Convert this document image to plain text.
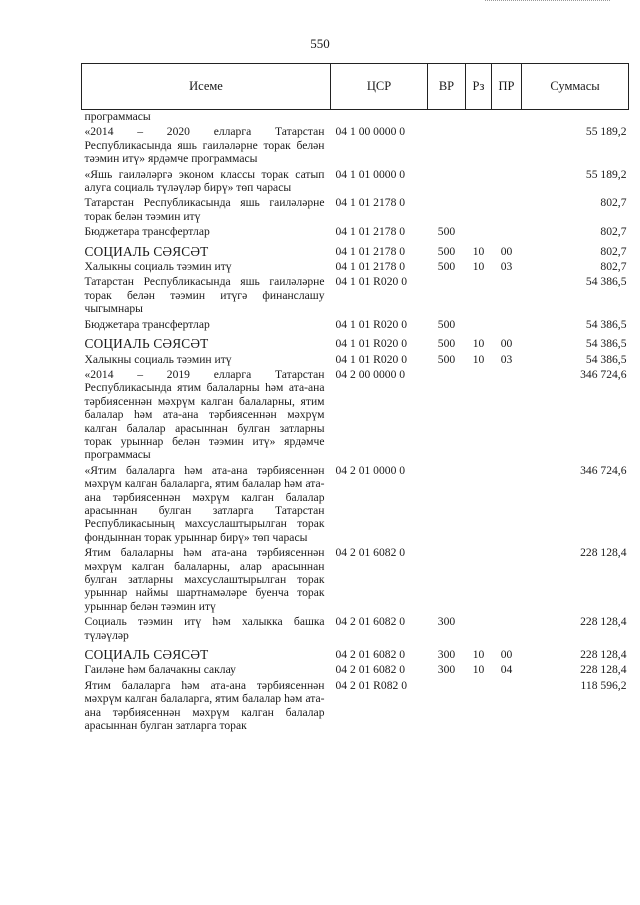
550
Исеме	ЦСР	ВР	Рз	ПР	Суммасы
программасы					
«2014 – 2020 елларга Татарстан Республикасында яшь гаиләләрне торак белән тәэмин итү» ярдәмче программасы	04 1 00 0000 0				55 189,2
«Яшь гаиләләргә эконом классы торак сатып алуга социаль түләүләр бирү» төп чарасы	04 1 01 0000 0				55 189,2
Татарстан Республикасында яшь гаиләләрне торак белән тәэмин итү	04 1 01 2178 0				802,7
Бюджетара трансфертлар	04 1 01 2178 0	500			802,7
СОЦИАЛЬ СӘЯСӘТ	04 1 01 2178 0	500	10	00	802,7
Халыкны социаль тәэмин итү	04 1 01 2178 0	500	10	03	802,7
Татарстан Республикасында яшь гаиләләрне торак белән тәэмин итүгә финанслашу чыгымнары	04 1 01 R020 0				54 386,5
Бюджетара трансфертлар	04 1 01 R020 0	500			54 386,5
СОЦИАЛЬ СӘЯСӘТ	04 1 01 R020 0	500	10	00	54 386,5
Халыкны социаль тәэмин итү	04 1 01 R020 0	500	10	03	54 386,5
«2014 – 2019 елларга Татарстан Республикасында ятим балаларны һәм ата-ана тәрбиясеннән мәхрүм калган балаларны, ятим балалар һәм ата-ана тәрбиясеннән мәхрүм калган балалар арасыннан булган затларны торак урыннар белән тәэмин итү» ярдәмче программасы	04 2 00 0000 0				346 724,6
«Ятим балаларга һәм ата-ана тәрбиясеннән мәхрүм калган балаларга, ятим балалар һәм ата-ана тәрбиясеннән мәхрүм калган балалар арасыннан булган затларга Татарстан Республикасының махсуслаштырылган торак фондыннан торак урыннар бирү» төп чарасы	04 2 01 0000 0				346 724,6
Ятим балаларны һәм ата-ана тәрбиясеннән мәхрүм калган балаларны, алар арасыннан булган затларны махсуслаштырылган торак урыннар наймы шартнамәләре буенча торак урыннар белән тәэмин итү	04 2 01 6082 0				228 128,4
Социаль тәэмин итү һәм халыкка башка түләүләр	04 2 01 6082 0	300			228 128,4
СОЦИАЛЬ СӘЯСӘТ	04 2 01 6082 0	300	10	00	228 128,4
Гаиләне һәм балачакны саклау	04 2 01 6082 0	300	10	04	228 128,4
Ятим балаларга һәм ата-ана тәрбиясеннән мәхрүм калган балаларга, ятим балалар һәм ата-ана тәрбиясеннән мәхрүм калган балалар арасыннан булган затларга торак	04 2 01 R082 0				118 596,2
